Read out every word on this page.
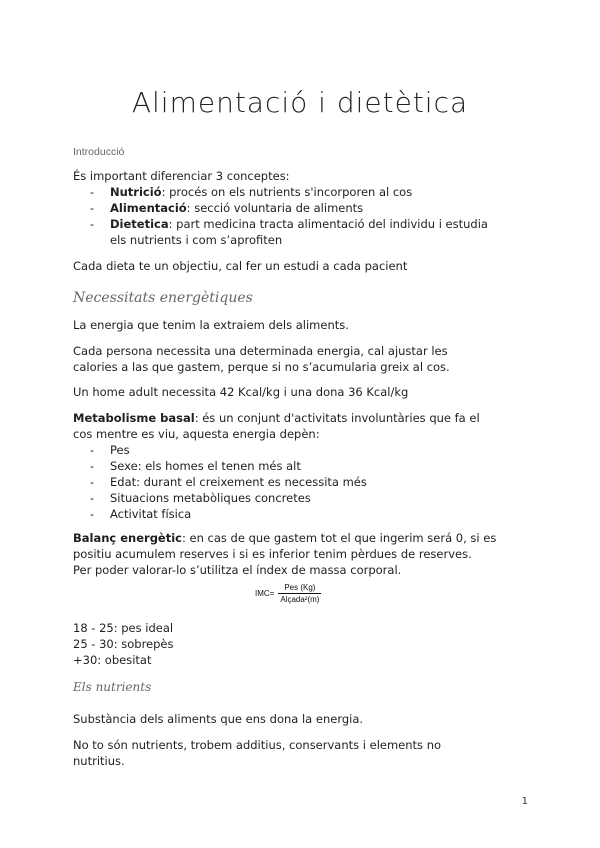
Alimentació i dietètica
Introducció
És important diferenciar 3 conceptes:
- Nutrició: procés on els nutrients s'incorporen al cos
- Alimentació: secció voluntaria de aliments
- Dietetica: part medicina tracta alimentació del individu i estudia
els nutrients i com s’aprofiten
Cada dieta te un objectiu, cal fer un estudi a cada pacient
Necessitats energètiques
La energia que tenim la extraiem dels aliments.
Cada persona necessita una determinada energia, cal ajustar les
calories a las que gastem, perque si no s’acumularia greix al cos.
Un home adult necessita 42 Kcal/kg i una dona 36 Kcal/kg
Metabolisme basal: és un conjunt d'activitats involuntàries que fa el
cos mentre es viu, aquesta energia depèn:
- Pes
- Sexe: els homes el tenen més alt
- Edat: durant el creixement es necessita més
- Situacions metabòliques concretes
- Activitat física
Balanç energètic: en cas de que gastem tot el que ingerim será 0, si es
positiu acumulem reserves i si es inferior tenim pèrdues de reserves.
Per poder valorar-lo s’utilitza el índex de massa corporal.
$IMC= \frac{\text{Pes (Kg)}}{\text{Alçada²(m)}}$
18 - 25: pes ideal
25 - 30: sobrepès
+30: obesitat
Els nutrients
Substància dels aliments que ens dona la energia.
No to són nutrients, trobem additius, conservants i elements no
nutritius.
1
